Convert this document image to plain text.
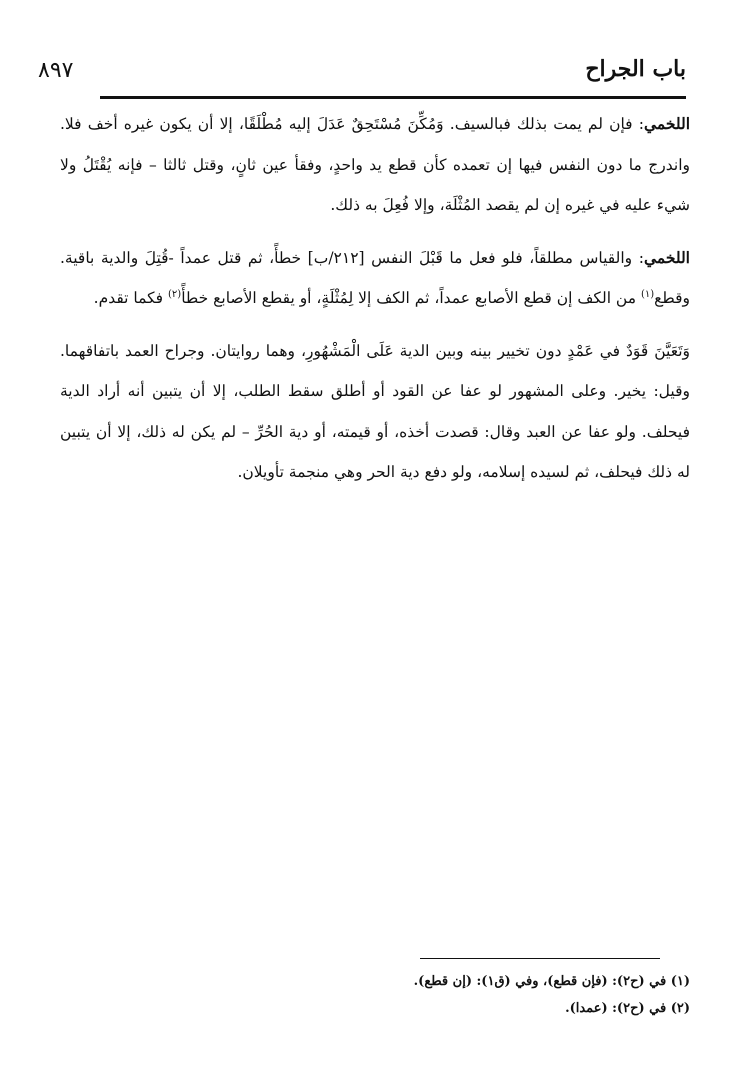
٨٩٧	باب الجراح

اللخمي: فإن لم يمت بذلك فبالسيف. وَمُكِّنَ مُسْتَحِقٌ عَدَلَ إليه مُطْلَقًا، إلا أن يكون غيره أخف فلا. واندرج ما دون النفس فيها إن تعمده كأن قطع يد واحدٍ، وفقأ عين ثانٍ، وقتل ثالثا – فإنه يُقْتَلُ ولا شيء عليه في غيره إن لم يقصد المُثْلَة، وإلا فُعِلَ به ذلك.

اللخمي: والقياس مطلقاً، فلو فعل ما قَبْلَ النفس [٢١٢/ب] خطأً، ثم قتل عمداً -قُتِلَ والدية باقية. وقطع$^{(١)}$ من الكف إن قطع الأصابع عمداً، ثم الكف إلا لِمُثْلَةٍ، أو يقطع الأصابع خطأً$^{(٢)}$ فكما تقدم.

وَتَعَيَّنَ قَوَدٌ في عَمْدٍ دون تخيير بينه وبين الدية عَلَى الْمَشْهُورِ، وهما روايتان. وجراح العمد باتفاقهما. وقيل: يخير. وعلى المشهور لو عفا عن القود أو أطلق سقط الطلب، إلا أن يتبين أنه أراد الدية فيحلف. ولو عفا عن العبد وقال: قصدت أخذه، أو قيمته، أو دية الحُرِّ – لم يكن له ذلك، إلا أن يتبين له ذلك فيحلف، ثم لسيده إسلامه، ولو دفع دية الحر وهي منجمة تأويلان.

(١) في (ح٢): (فإن قطع)، وفي (ق١): (إن قطع).

(٢) في (ح٢): (عمدا).
